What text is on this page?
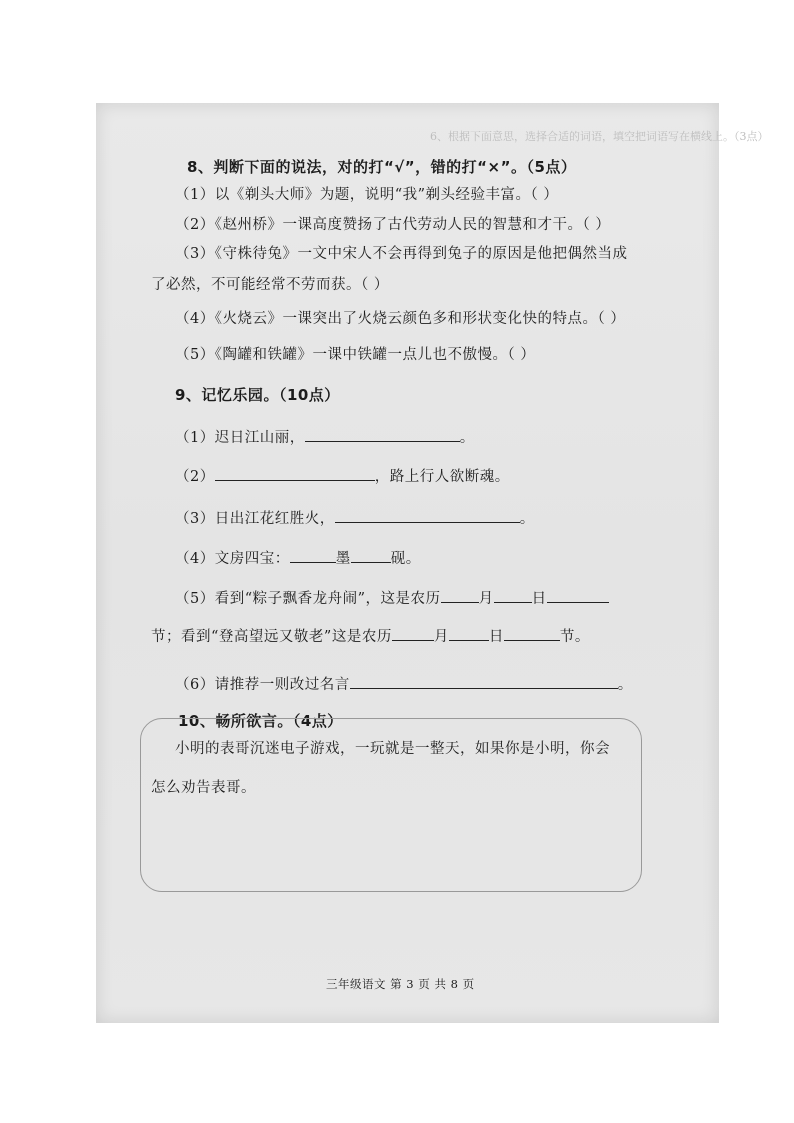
6、根据下面意思，选择合适的词语，填空把词语写在横线上。（3点）
8、判断下面的说法，对的打“√”，错的打“×”。（5点）
（1）以《剃头大师》为题，说明“我”剃头经验丰富。（ ）
（2）《赵州桥》一课高度赞扬了古代劳动人民的智慧和才干。（ ）
（3）《守株待兔》一文中宋人不会再得到兔子的原因是他把偶然当成
了必然，不可能经常不劳而获。（ ）
（4）《火烧云》一课突出了火烧云颜色多和形状变化快的特点。（ ）
（5）《陶罐和铁罐》一课中铁罐一点儿也不傲慢。（ ）
9、记忆乐园。（10点）
（1）迟日江山丽，	。
（2）	，路上行人欲断魂。
（3）日出江花红胜火，	。
（4）文房四宝：	墨	砚。
（5）看到“粽子飘香龙舟闹”，这是农历	月	日
节；看到“登高望远又敬老”这是农历	月	日	节。
（6）请推荐一则改过名言	。
10、畅所欲言。（4点）
小明的表哥沉迷电子游戏，一玩就是一整天，如果你是小明，你会
怎么劝告表哥。
三年级语文 第 3 页 共 8 页
